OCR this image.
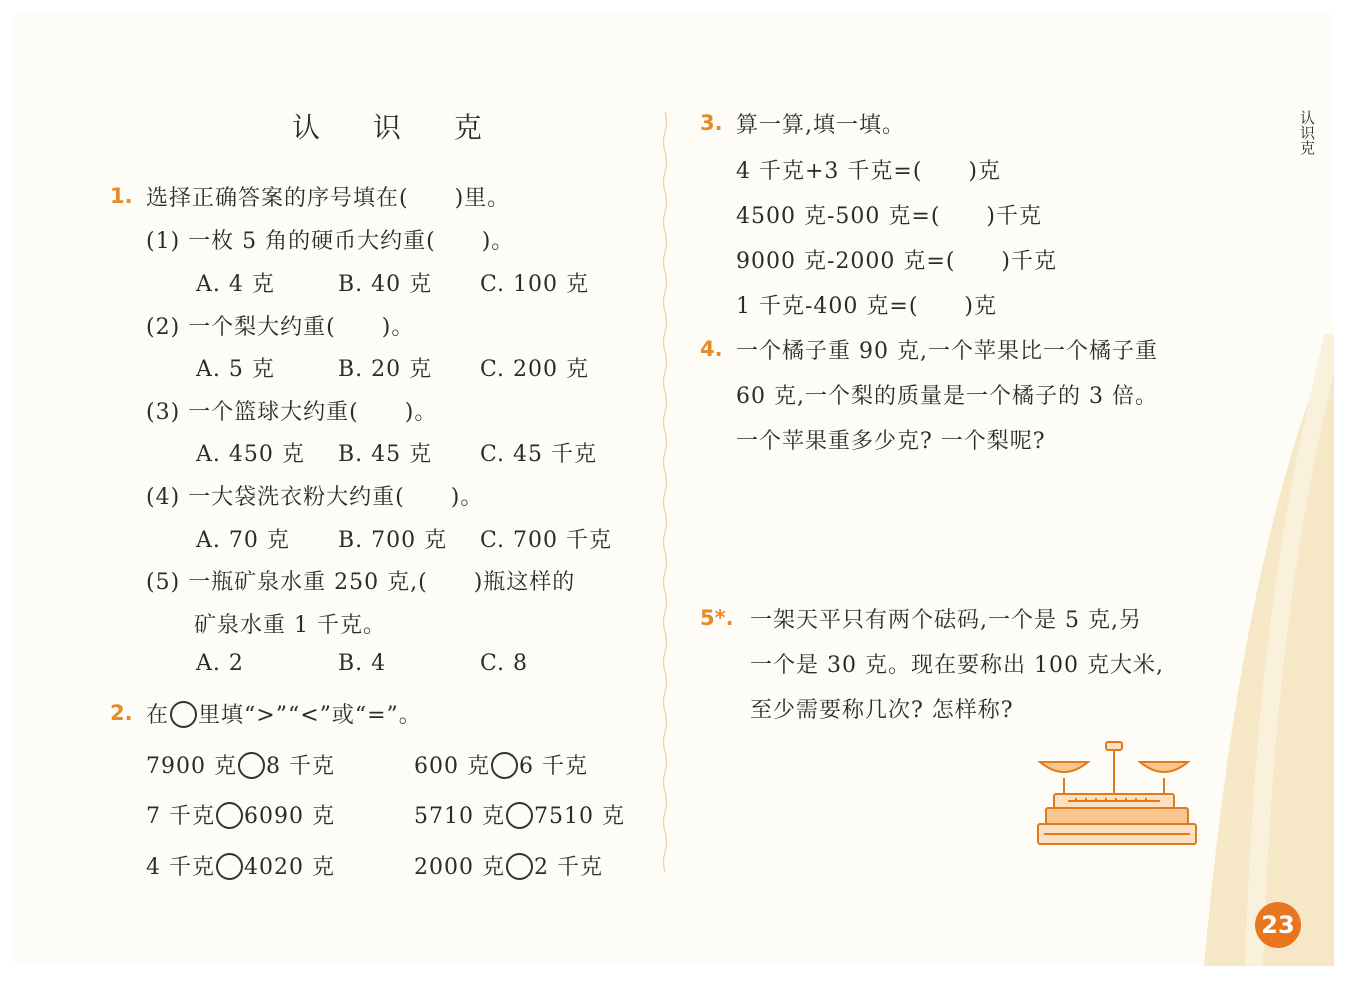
认识克
认 识 克
1. 选择正确答案的序号填在(　　)里。
(1) 一枚 5 角的硬币大约重(　　)。
A. 4 克	B. 40 克 C. 100 克
(2) 一个梨大约重(　　)。
A. 5 克	B. 20 克 C. 200 克
(3) 一个篮球大约重(　　)。
A. 450 克 B. 45 克 C. 45 千克
(4) 一大袋洗衣粉大约重(　　)。
A. 70 克 B. 700 克 C. 700 千克
(5) 一瓶矿泉水重 250 克,(　　)瓶这样的
矿泉水重 1 千克。
A. 2	B. 4	C. 8
2. 在 里填“>”“<”或“=”。
7900 克 8 千克	600 克 6 千克
7 千克 6090 克	5710 克 7510 克
4 千克 4020 克	2000 克 2 千克
3. 算一算,填一填。
4 千克+3 千克=(　　)克
4500 克-500 克=(　　)千克
9000 克-2000 克=(　　)千克
1 千克-400 克=(　　)克
4. 一个橘子重 90 克,一个苹果比一个橘子重
60 克,一个梨的质量是一个橘子的 3 倍。
一个苹果重多少克? 一个梨呢?
5*. 一架天平只有两个砝码,一个是 5 克,另
一个是 30 克。现在要称出 100 克大米,
至少需要称几次? 怎样称?
23
